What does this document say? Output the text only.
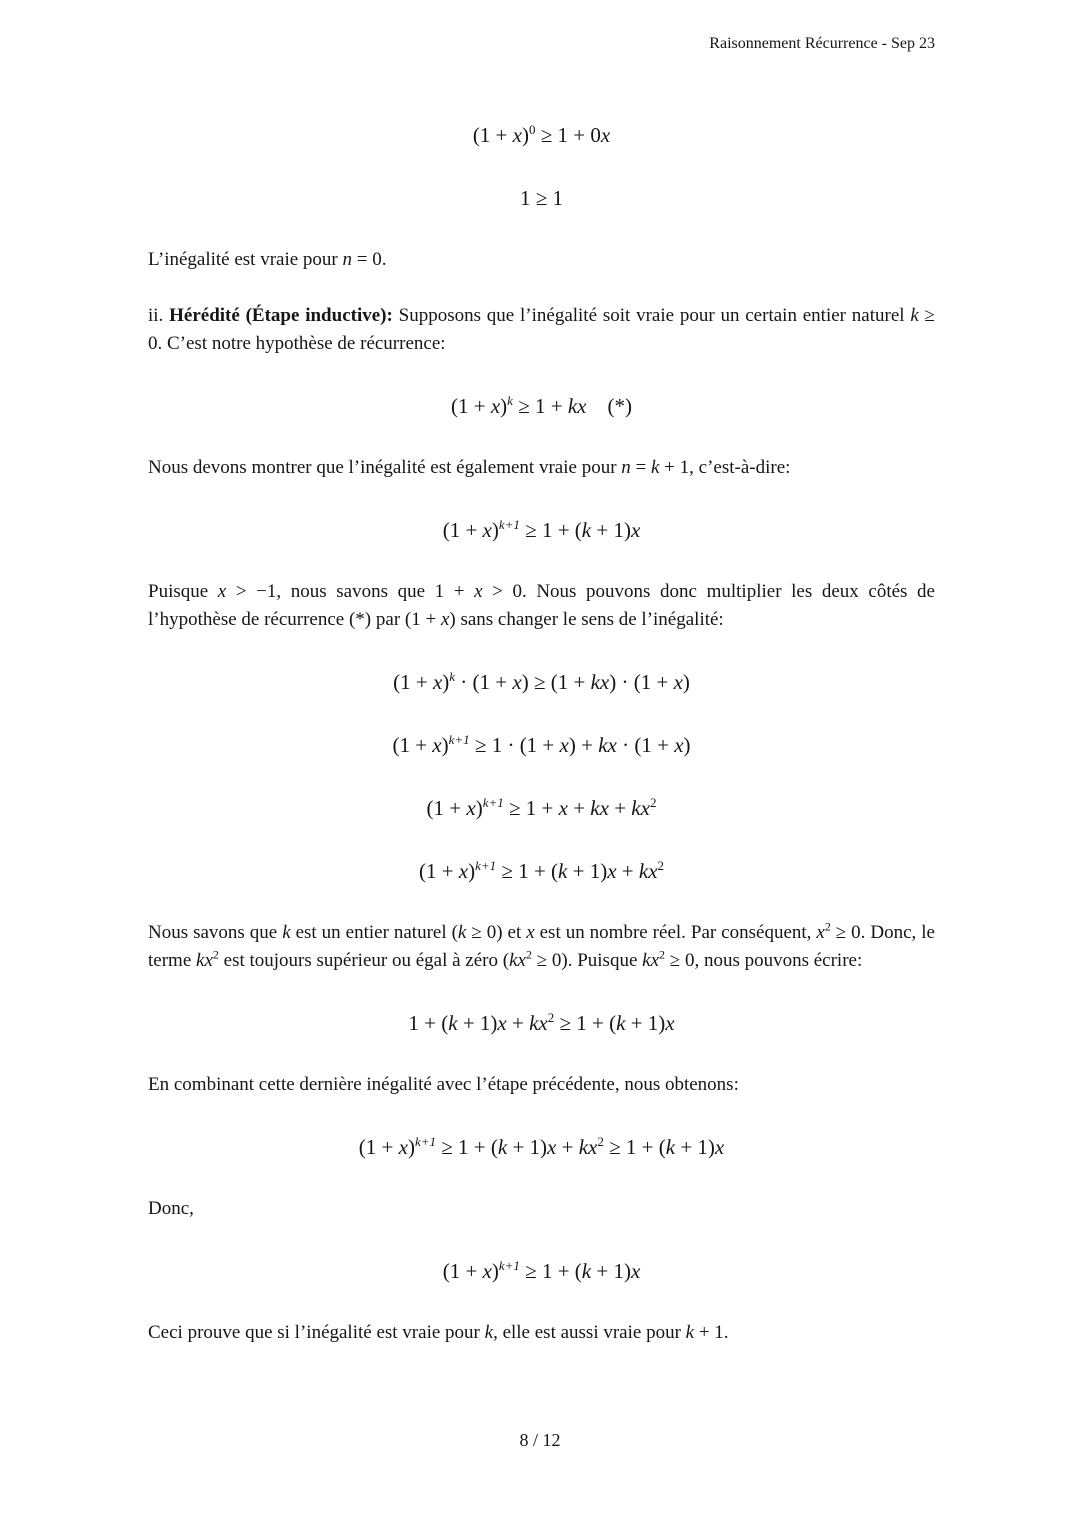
Raisonnement Récurrence - Sep 23
$(1 + x)^0 \ge 1 + 0x$
1 ≥ 1
L’inégalité est vraie pour n = 0.
ii. Hérédité (Étape inductive): Supposons que l’inégalité soit vraie pour un certain entier naturel k ≥ 0. C’est notre hypothèse de récurrence:
$(1 + x)^k \ge 1$ + kx (*)
Nous devons montrer que l’inégalité est également vraie pour n = k + 1, c’est-à-dire:
$(1 + x)^{k+1} \ge 1 + (k + 1)x$
Puisque x > −1, nous savons que 1 + x > 0. Nous pouvons donc multiplier les deux côtés de l’hypothèse de récurrence (*) par (1 + x) sans changer le sens de l’inégalité:
$(1 + x)^k \cdot (1 + x) \ge (1 + kx) \cdot (1 + x)$
$(1 + x)^{k+1} \ge 1 \cdot (1 + x)$ + kx · (1 + x)
$(1 + x)^{k+1} \ge 1 + x$ + kx + $kx^2$
$(1 + x)^{k+1} \ge 1 + (k + 1)x + kx^2$
Nous savons que k est un entier naturel (k ≥ 0) et x est un nombre réel. Par conséquent, $x^2 \ge 0$. Donc, le terme $kx^2$ est toujours supérieur ou égal à zéro $(kx^2 \ge 0)$. Puisque $kx^2 \ge 0$, nous pouvons écrire:
$1 + (k + 1)x + kx^2 \ge 1 + (k + 1)x$
En combinant cette dernière inégalité avec l’étape précédente, nous obtenons:
$(1 + x)^{k+1} \ge 1 + (k + 1)x + kx^2 \ge 1 + (k + 1)x$
Donc,
$(1 + x)^{k+1} \ge 1 + (k + 1)x$
Ceci prouve que si l’inégalité est vraie pour k, elle est aussi vraie pour k + 1.
8 / 12
